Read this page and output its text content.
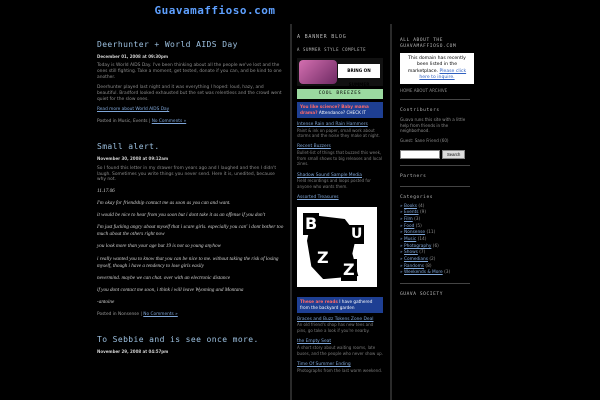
Guavamaffioso.com
Deerhunter + World AIDS Day
December 01, 2008 at 09:30pm

Today is World AIDS Day. I've been thinking about all the people we've lost and the ones still fighting. Take a moment, get tested, donate if you can, and be kind to one another.

Deerhunter played last night and it was everything I hoped: loud, hazy, and beautiful. Bradford looked exhausted but the set was relentless and the crowd went quiet for the slow ones.

Read more about World AIDS Day
Posted in Music, Events | No Comments »
Small alert.
November 30, 2008 at 09:12am

So I found this letter in my drawer from years ago and I laughed and then I didn't laugh. Sometimes you write things you never send. Here it is, unedited, because why not.

11.17.06
I'm okay for friendship contact me as soon as you can and want.
it would be nice to hear from you soon but i dont take it as an offense if you don't
I'm just fucking angry about myself that i scare girls. especially you can' i dont bother too much about the others right now
you look more than your age but 19 is not so young anyhow
i really wanted you to know that you can be nice to me. without taking the risk of losing myself, though i have a tendency to lose girls easily
nevermind. maybe we can chat. over with an electronic distance
if you dont contact me soon, i think i will leave Wyoming and Montana
-antoine
Posted in Nonsense | No Comments »
To Sebbie and is see once more.
November 29, 2008 at 04:57pm
A BANNER BLOG
A SUMMER STYLE COMPLETE
BRING ON SUMMER
COOL BREEZES
You like science? Baby mama drama? Attendance? CHECK IT
Intense Rain and Rain Hammers
Paint & ink on paper, small work about storms and the noise they make at night.
Recent Buzzers
Bullet-list of things that buzzed this week, from small shows to big releases and local zines.
Shadow Sound Sample Media
Field recordings and loops posted for anyone who wants them.
Assorted Treasures
B
U
Z
Z
These are reads I have gathered from the backyard garden
Braces and Buzz Tokens Zone Deal
An old friend's shop has new tees and pins, go take a look if you're nearby.
the Empty Seat
A short story about waiting rooms, late buses, and the people who never show up.
Time Of Summer Ending
Photographs from the last warm weekend.
ALL ABOUT THE GUAVAMAFFIOSO.COM
This domain has recently been listed in the marketplace. Please click here to inquire.
HOME ABOUT ARCHIVE
Contributors
Guava runs this site with a little help from friends in the neighborhood.
Guest: Sane Friend (60)
Search
Partners
Categories
» Books (4)
» Events (9)
» Film (3)
» Food (5)
» Nonsense (11)
» Music (14)
» Photography (6)
» Shows (7)
» Comedians (2)
» Randoms (8)
» Weekends & More (3)
GUAVA SOCIETY
